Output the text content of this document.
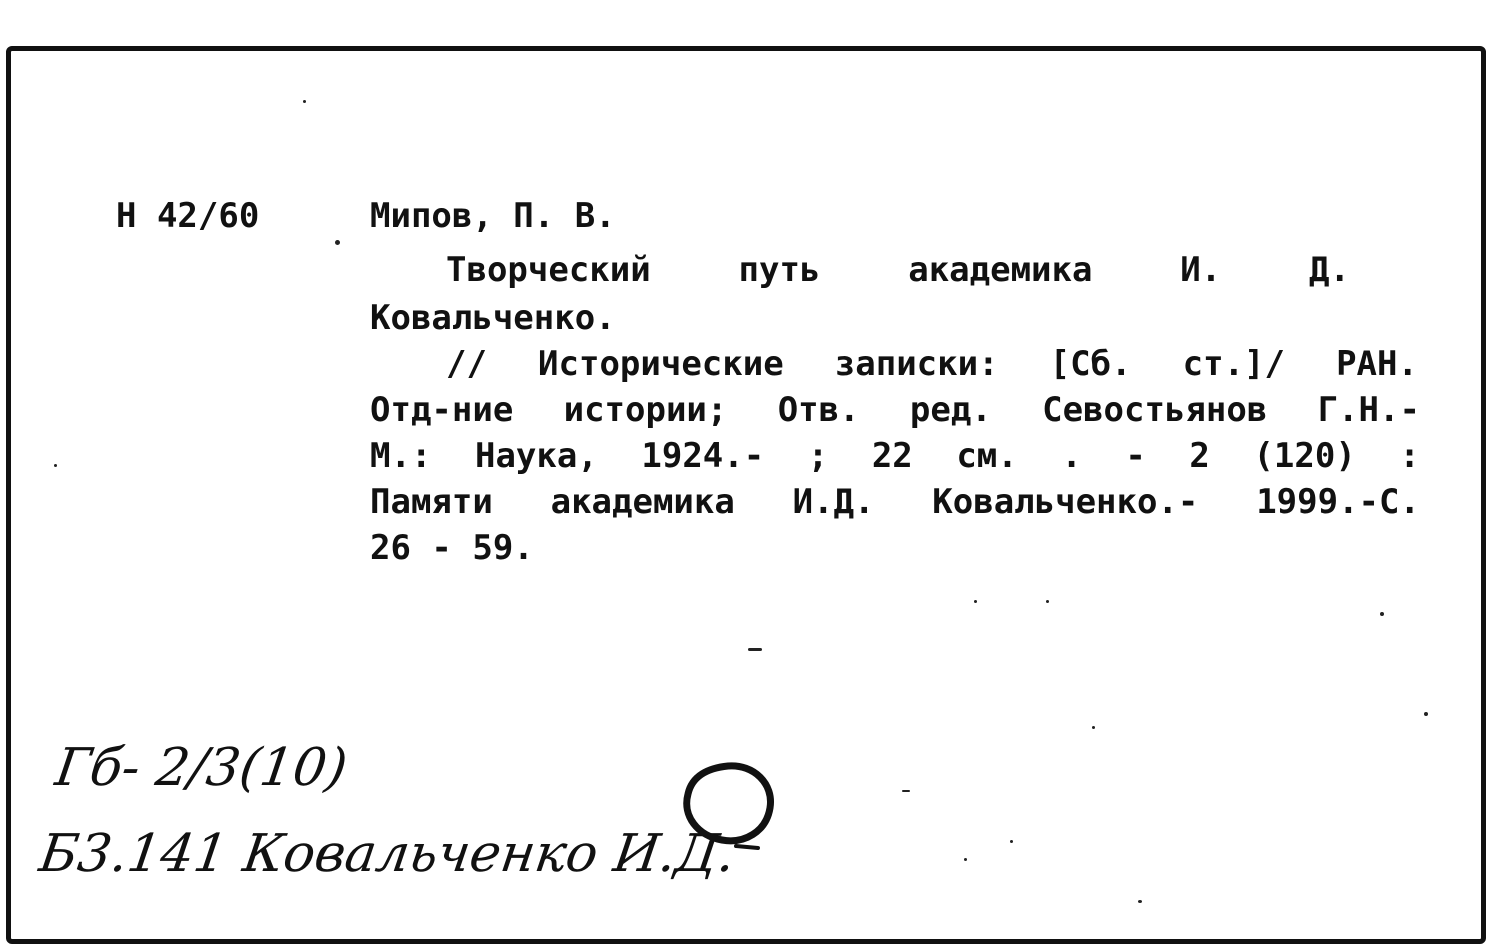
Н 42/60	Мипов, П. В.
Творческий	путь	академика	И.	Д.
Ковальченко.
// Исторические записки: [Сб. ст.]/ РАН.
Отд-ние истории; Отв. ред. Севостьянов Г.Н.-
М.: Наука, 1924.- ; 22 см. . - 2 (120) :
Памяти академика И.Д. Ковальченко.- 1999.-С.
26 - 59.
Гб- 2/3(10)
Б3.141 Ковальченко И.Д.
